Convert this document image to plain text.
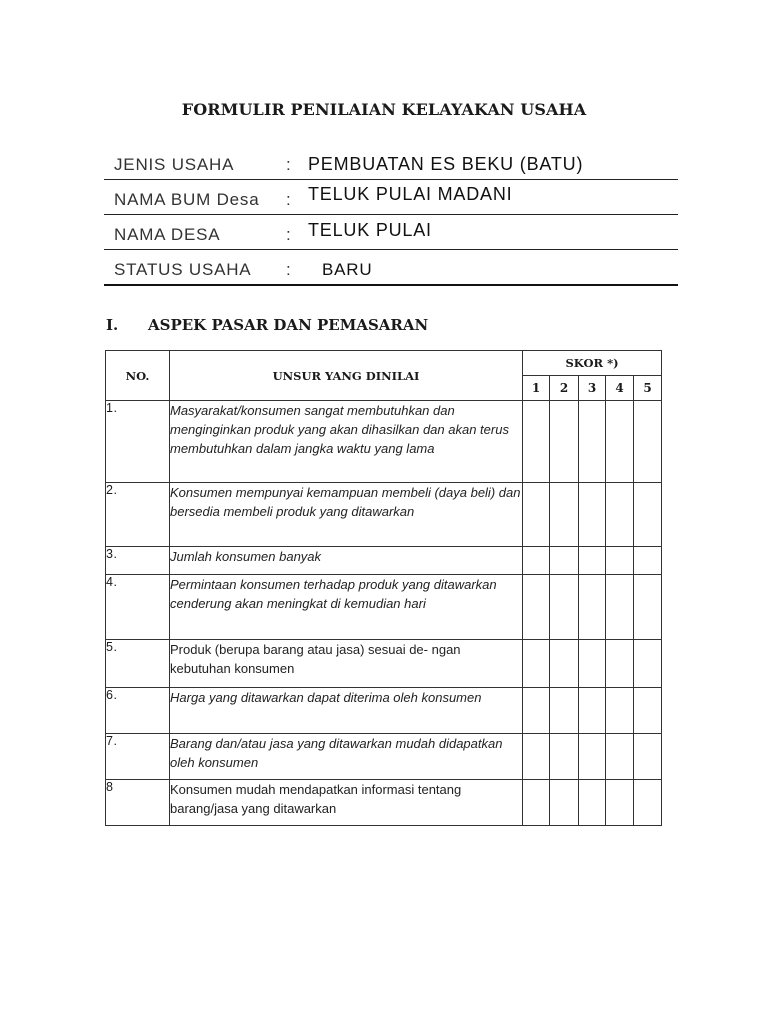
FORMULIR PENILAIAN KELAYAKAN USAHA
JENIS USAHA	: PEMBUATAN ES BEKU (BATU)
NAMA BUM Desa : TELUK PULAI MADANI
NAMA DESA	: TELUK PULAI
STATUS USAHA : BARU
I. ASPEK PASAR DAN PEMASARAN
NO.	UNSUR YANG DINILAI	SKOR *)				
		1	2	3	4	5
1.	Masyarakat/konsumen sangat membutuhkan dan menginginkan produk yang akan dihasilkan dan akan terus membutuhkan dalam jangka waktu yang lama					
2.	Konsumen mempunyai kemampuan membeli (daya beli) dan bersedia membeli produk yang ditawarkan					
3.	Jumlah konsumen banyak					
4.	Permintaan konsumen terhadap produk yang ditawarkan cenderung akan meningkat di kemudian hari					
5.	Produk (berupa barang atau jasa) sesuai de- ngan kebutuhan konsumen					
6.	Harga yang ditawarkan dapat diterima oleh konsumen					
7.	Barang dan/atau jasa yang ditawarkan mudah didapatkan oleh konsumen					
8	Konsumen mudah mendapatkan informasi tentang barang/jasa yang ditawarkan					
